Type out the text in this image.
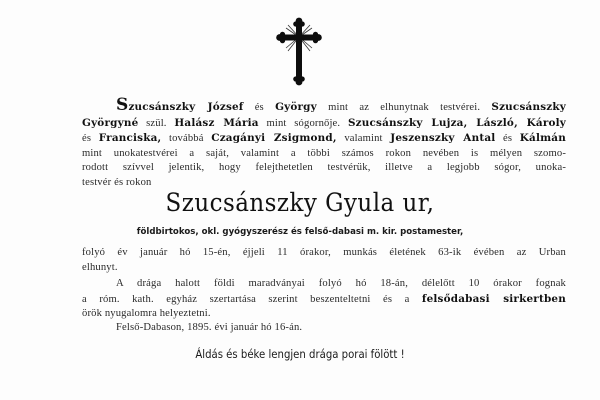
Szucsánszky József és György mint az elhunytnak testvérei. Szucsánszky
Györgyné szül. Halász Mária mint sógornője. Szucsánszky Lujza, László, Károly
és Franciska, továbbá Czagányi Zsigmond, valamint Jeszenszky Antal és Kálmán
mint unokatestvérei a saját, valamint a többi számos rokon nevében is mélyen szomo-
rodott szívvel jelentik, hogy felejthetetlen testvérük, illetve a legjobb sógor, unoka-
testvér és rokon
Szucsánszky Gyula ur,
földbirtokos, okl. gyógyszerész és felső-dabasi m. kir. postamester,
folyó év január hó 15-én, éjjeli 11 órakor, munkás életének 63-ik évében az Urban
elhunyt.
A drága halott földi maradványai folyó hó 18-án, délelőtt 10 órakor fognak
a róm. kath. egyház szertartása szerint beszenteltetni és a felsődabasi sirkertben
örök nyugalomra helyeztetni.
Felső-Dabason, 1895. évi január hó 16-án.
Áldás és béke lengjen drága porai fölött !
